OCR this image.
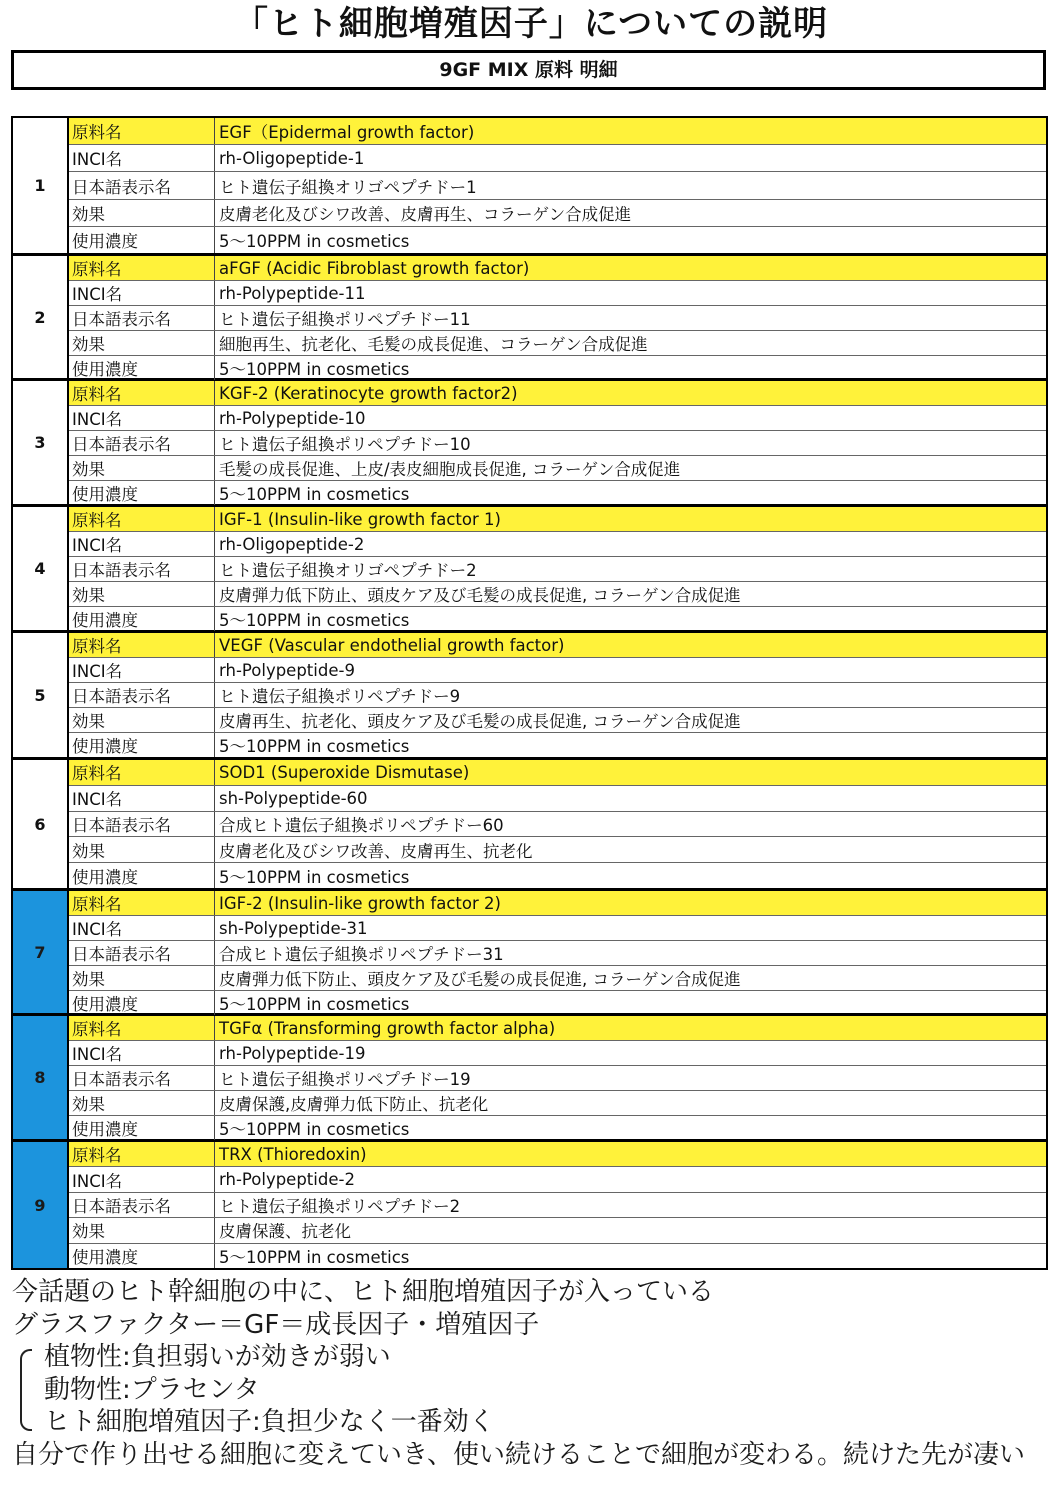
「ヒト細胞増殖因子」についての説明
9GF MIX 原料 明細
1
原料名	EGF（Epidermal growth factor)
INCI名	rh-Oligopeptide-1
日本語表示名	ヒト遺伝子組換オリゴペプチドー1
効果	皮膚老化及びシワ改善、皮膚再生、コラーゲン合成促進
使用濃度	5～10PPM in cosmetics
2
原料名	aFGF (Acidic Fibroblast growth factor)
INCI名	rh-Polypeptide-11
日本語表示名	ヒト遺伝子組換ポリペプチドー11
効果	細胞再生、抗老化、毛髪の成長促進、コラーゲン合成促進
使用濃度	5～10PPM in cosmetics
3
原料名	KGF-2 (Keratinocyte growth factor2)
INCI名	rh-Polypeptide-10
日本語表示名	ヒト遺伝子組換ポリペプチドー10
効果	毛髪の成長促進、上皮/表皮細胞成長促進, コラーゲン合成促進
使用濃度	5～10PPM in cosmetics
4
原料名	IGF-1 (Insulin-like growth factor 1)
INCI名	rh-Oligopeptide-2
日本語表示名	ヒト遺伝子組換オリゴペプチドー2
効果	皮膚弾力低下防止、頭皮ケア及び毛髪の成長促進, コラーゲン合成促進
使用濃度	5～10PPM in cosmetics
5
原料名	VEGF (Vascular endothelial growth factor)
INCI名	rh-Polypeptide-9
日本語表示名	ヒト遺伝子組換ポリペプチドー9
効果	皮膚再生、抗老化、頭皮ケア及び毛髪の成長促進, コラーゲン合成促進
使用濃度	5～10PPM in cosmetics
6
原料名	SOD1 (Superoxide Dismutase)
INCI名	sh-Polypeptide-60
日本語表示名	合成ヒト遺伝子組換ポリペプチドー60
効果	皮膚老化及びシワ改善、皮膚再生、抗老化
使用濃度	5～10PPM in cosmetics
7
原料名	IGF-2 (Insulin-like growth factor 2)
INCI名	sh-Polypeptide-31
日本語表示名	合成ヒト遺伝子組換ポリペプチドー31
効果	皮膚弾力低下防止、頭皮ケア及び毛髪の成長促進, コラーゲン合成促進
使用濃度	5～10PPM in cosmetics
8
原料名	TGFα (Transforming growth factor alpha)
INCI名	rh-Polypeptide-19
日本語表示名	ヒト遺伝子組換ポリペプチドー19
効果	皮膚保護,皮膚弾力低下防止、抗老化
使用濃度	5～10PPM in cosmetics
9
原料名	TRX (Thioredoxin)
INCI名	rh-Polypeptide-2
日本語表示名	ヒト遺伝子組換ポリペプチドー2
効果	皮膚保護、抗老化
使用濃度	5～10PPM in cosmetics
今話題のヒト幹細胞の中に、ヒト細胞増殖因子が入っている
グラスファクター＝GF＝成長因子・増殖因子
植物性:負担弱いが効きが弱い
動物性:プラセンタ
ヒト細胞増殖因子:負担少なく一番効く
自分で作り出せる細胞に変えていき、使い続けることで細胞が変わる。続けた先が凄い
